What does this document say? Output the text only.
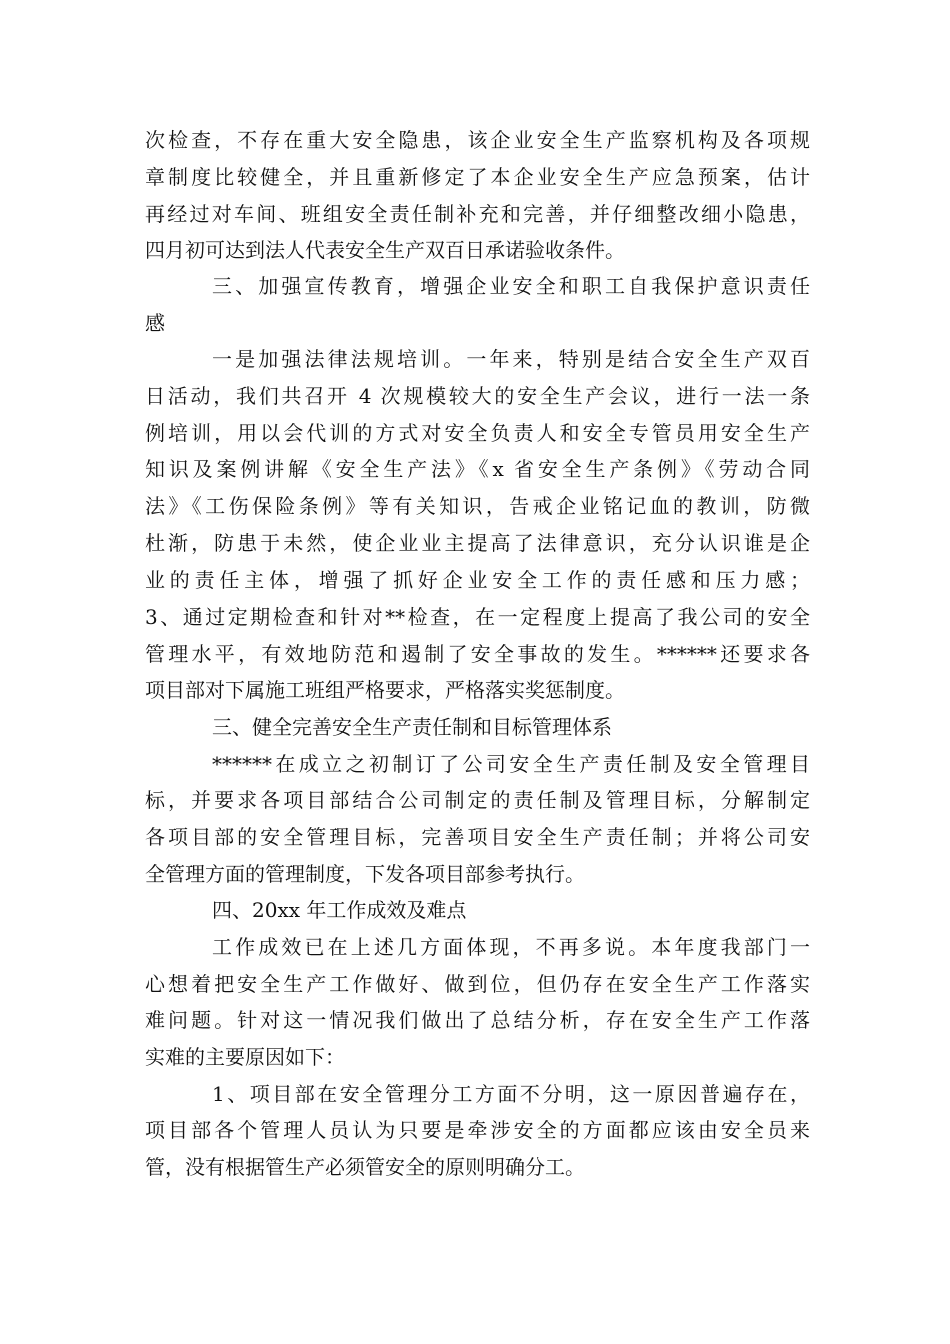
次检查，不存在重大安全隐患，该企业安全生产监察机构及各项规
章制度比较健全，并且重新修定了本企业安全生产应急预案，估计
再经过对车间、班组安全责任制补充和完善，并仔细整改细小隐患，
四月初可达到法人代表安全生产双百日承诺验收条件。
三、加强宣传教育，增强企业安全和职工自我保护意识责任
感
一是加强法律法规培训。一年来，特别是结合安全生产双百
日活动，我们共召开 4 次规模较大的安全生产会议，进行一法一条
例培训，用以会代训的方式对安全负责人和安全专管员用安全生产
知识及案例讲解《安全生产法》《x 省安全生产条例》《劳动合同
法》《工伤保险条例》等有关知识，告戒企业铭记血的教训，防微
杜渐，防患于未然，使企业业主提高了法律意识，充分认识谁是企
业的责任主体，增强了抓好企业安全工作的责任感和压力感；
3、通过定期检查和针对**检查，在一定程度上提高了我公司的安全
管理水平，有效地防范和遏制了安全事故的发生。******还要求各
项目部对下属施工班组严格要求，严格落实奖惩制度。
三、健全完善安全生产责任制和目标管理体系
******在成立之初制订了公司安全生产责任制及安全管理目
标，并要求各项目部结合公司制定的责任制及管理目标，分解制定
各项目部的安全管理目标，完善项目安全生产责任制；并将公司安
全管理方面的管理制度，下发各项目部参考执行。
四、20xx 年工作成效及难点
工作成效已在上述几方面体现，不再多说。本年度我部门一
心想着把安全生产工作做好、做到位，但仍存在安全生产工作落实
难问题。针对这一情况我们做出了总结分析，存在安全生产工作落
实难的主要原因如下：
1、项目部在安全管理分工方面不分明，这一原因普遍存在，
项目部各个管理人员认为只要是牵涉安全的方面都应该由安全员来
管，没有根据管生产必须管安全的原则明确分工。
